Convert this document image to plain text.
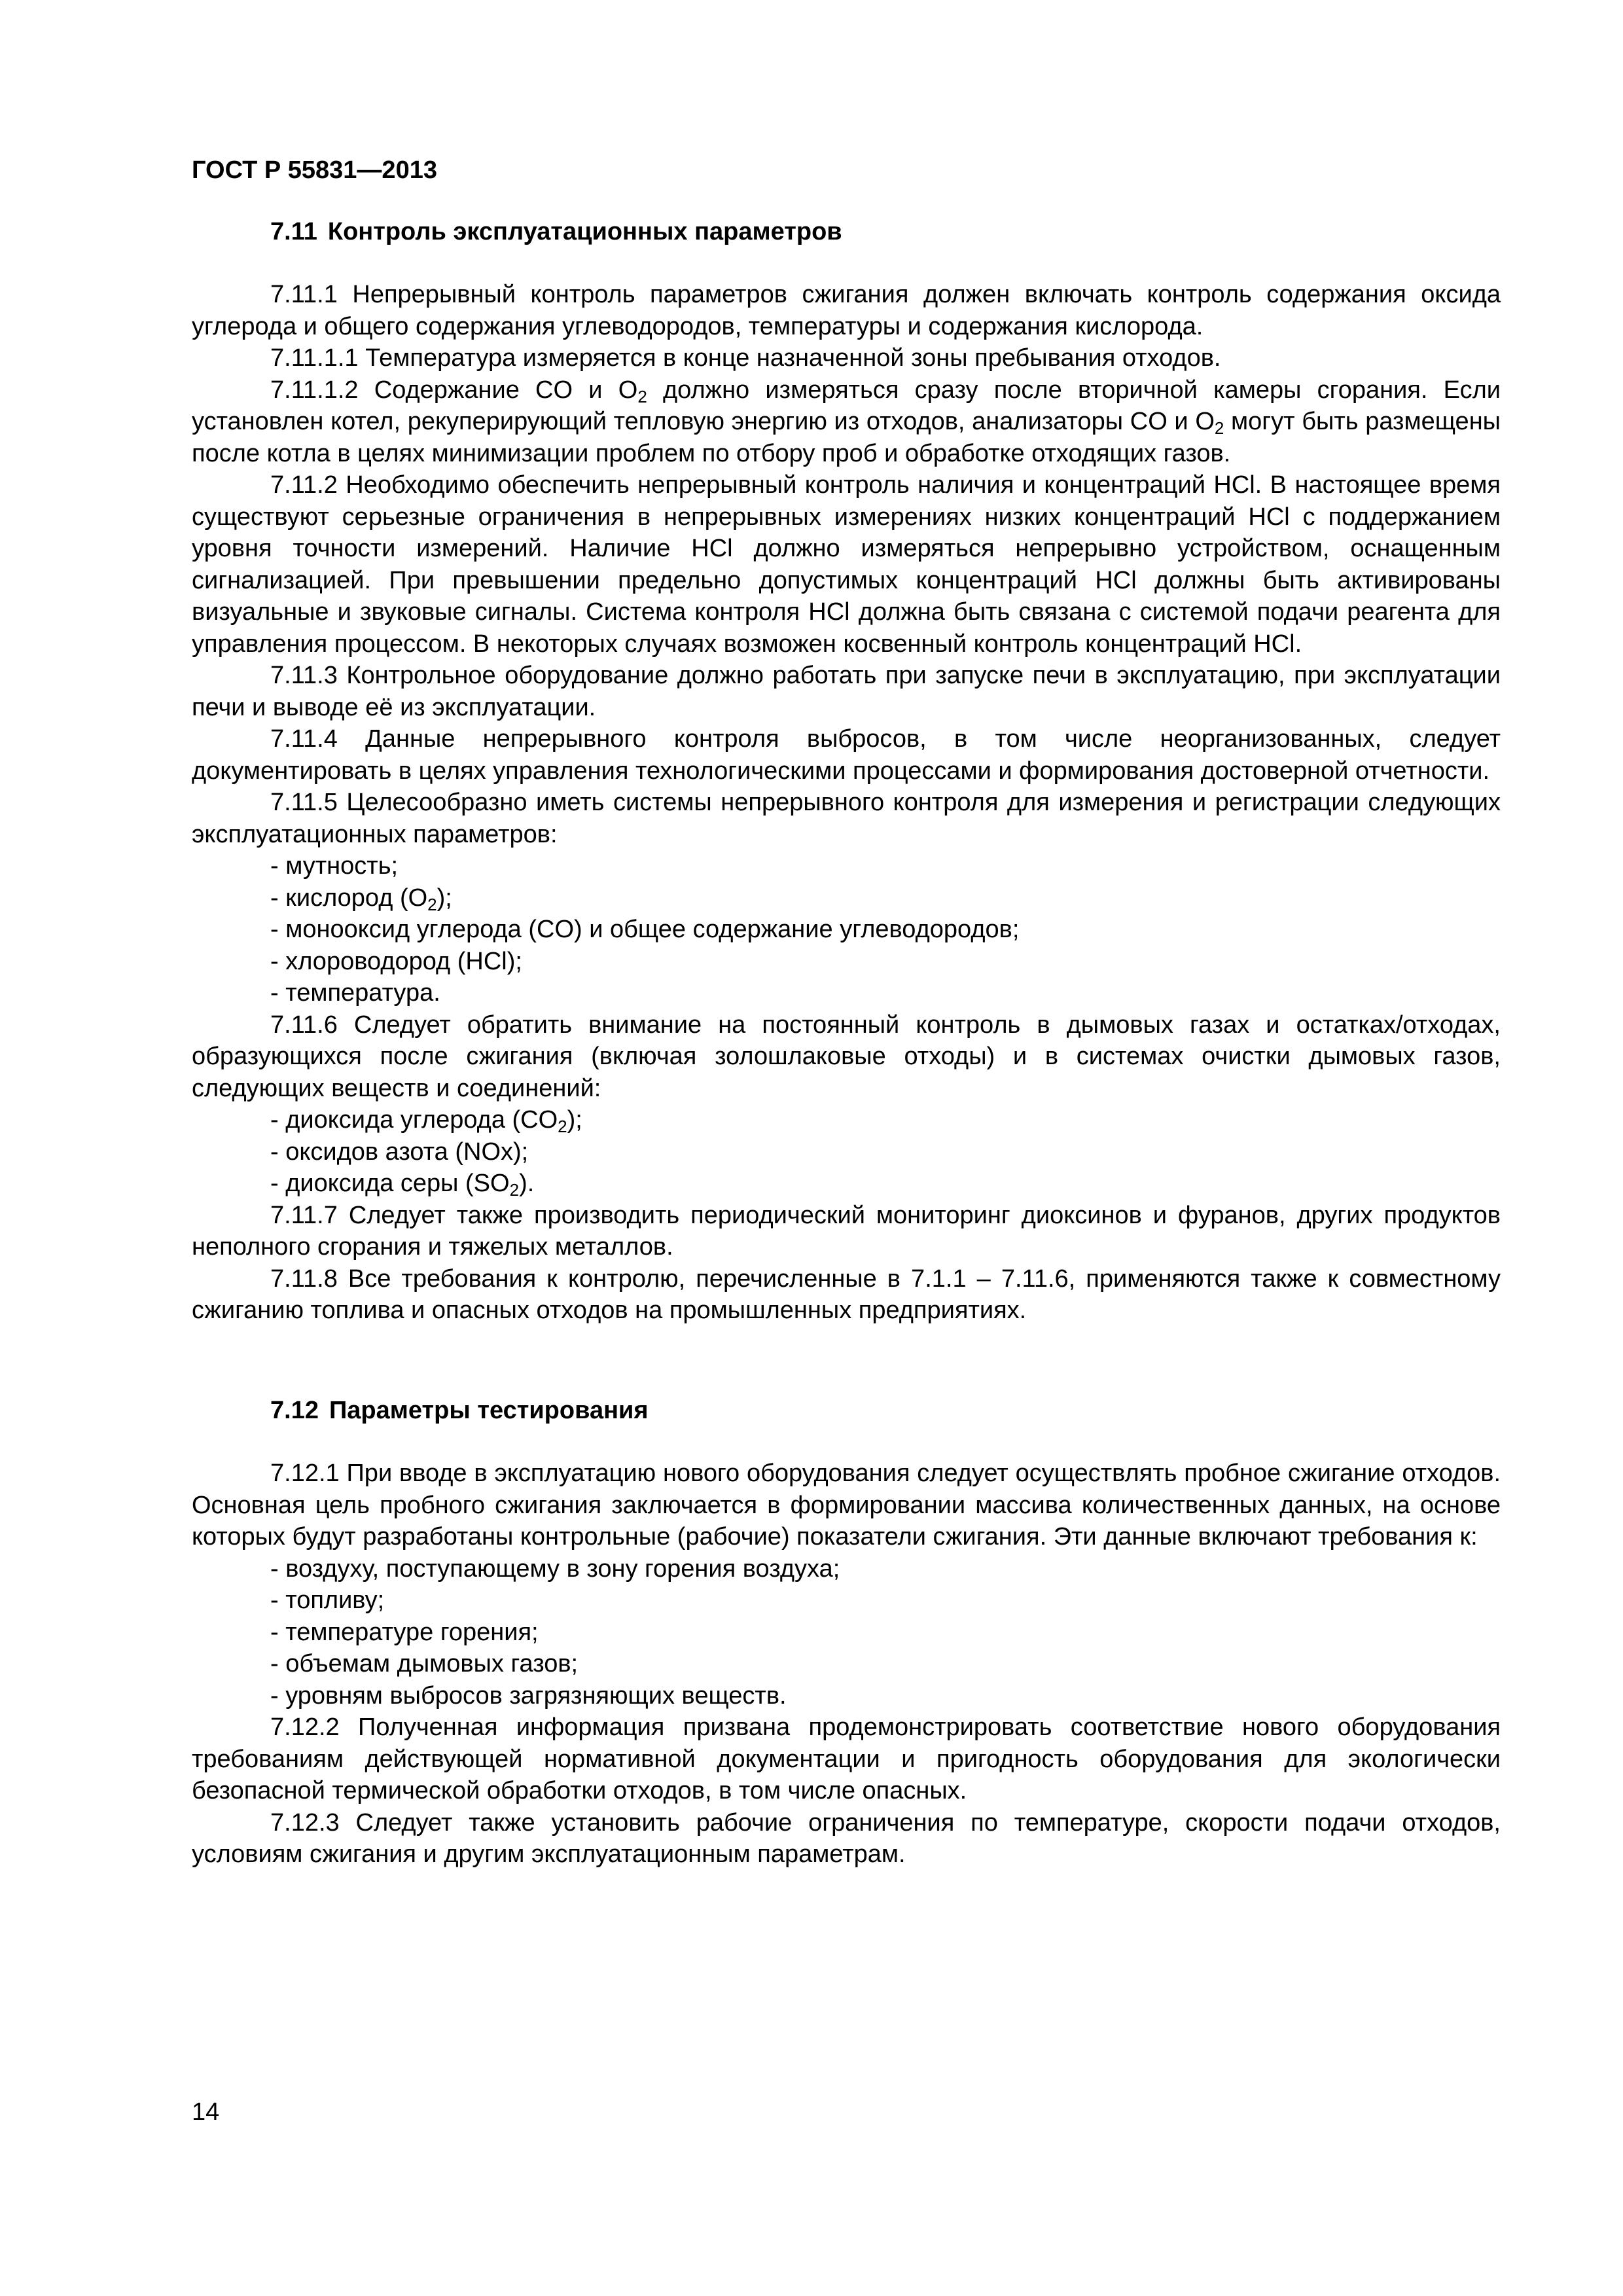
ГОСТ Р 55831—2013
7.11 Контроль эксплуатационных параметров

7.11.1 Непрерывный контроль параметров сжигания должен включать контроль содержания оксида углерода и общего содержания углеводородов, температуры и содержания кислорода.

7.11.1.1 Температура измеряется в конце назначенной зоны пребывания отходов.

7.11.1.2 Содержание CO и $O_2$ должно измеряться сразу после вторичной камеры сгорания. Если установлен котел, рекуперирующий тепловую энергию из отходов, анализаторы CO и $O_2$ могут быть размещены после котла в целях минимизации проблем по отбору проб и обработке отходящих газов.

7.11.2 Необходимо обеспечить непрерывный контроль наличия и концентраций HCl. В настоящее время существуют серьезные ограничения в непрерывных измерениях низких концентраций HCl с поддержанием уровня точности измерений. Наличие HCl должно измеряться непрерывно устройством, оснащенным сигнализацией. При превышении предельно допустимых концентраций HCl должны быть активированы визуальные и звуковые сигналы. Система контроля HCl должна быть связана с системой подачи реагента для управления процессом. В некоторых случаях возможен косвенный контроль концентраций HCl.

7.11.3 Контрольное оборудование должно работать при запуске печи в эксплуатацию, при эксплуатации печи и выводе её из эксплуатации.

7.11.4 Данные непрерывного контроля выбросов, в том числе неорганизованных, следует документировать в целях управления технологическими процессами и формирования достоверной отчетности.

7.11.5 Целесообразно иметь системы непрерывного контроля для измерения и регистрации следующих эксплуатационных параметров:

- мутность;

- кислород $(O_2)$;

- монооксид углерода (CO) и общее содержание углеводородов;

- хлороводород (HCl);

- температура.

7.11.6 Следует обратить внимание на постоянный контроль в дымовых газах и остатках/отходах, образующихся после сжигания (включая золошлаковые отходы) и в системах очистки дымовых газов, следующих веществ и соединений:

- диоксида углерода $(CO_2)$;

- оксидов азота (NOx);

- диоксида серы $(SO_2)$.

7.11.7 Следует также производить периодический мониторинг диоксинов и фуранов, других продуктов неполного сгорания и тяжелых металлов.

7.11.8 Все требования к контролю, перечисленные в 7.1.1 – 7.11.6, применяются также к совместному сжиганию топлива и опасных отходов на промышленных предприятиях.

7.12 Параметры тестирования

7.12.1 При вводе в эксплуатацию нового оборудования следует осуществлять пробное сжигание отходов. Основная цель пробного сжигания заключается в формировании массива количественных данных, на основе которых будут разработаны контрольные (рабочие) показатели сжигания. Эти данные включают требования к:

- воздуху, поступающему в зону горения воздуха;

- топливу;

- температуре горения;

- объемам дымовых газов;

- уровням выбросов загрязняющих веществ.

7.12.2 Полученная информация призвана продемонстрировать соответствие нового оборудования требованиям действующей нормативной документации и пригодность оборудования для экологически безопасной термической обработки отходов, в том числе опасных.

7.12.3 Следует также установить рабочие ограничения по температуре, скорости подачи отходов, условиям сжигания и другим эксплуатационным параметрам.

14
